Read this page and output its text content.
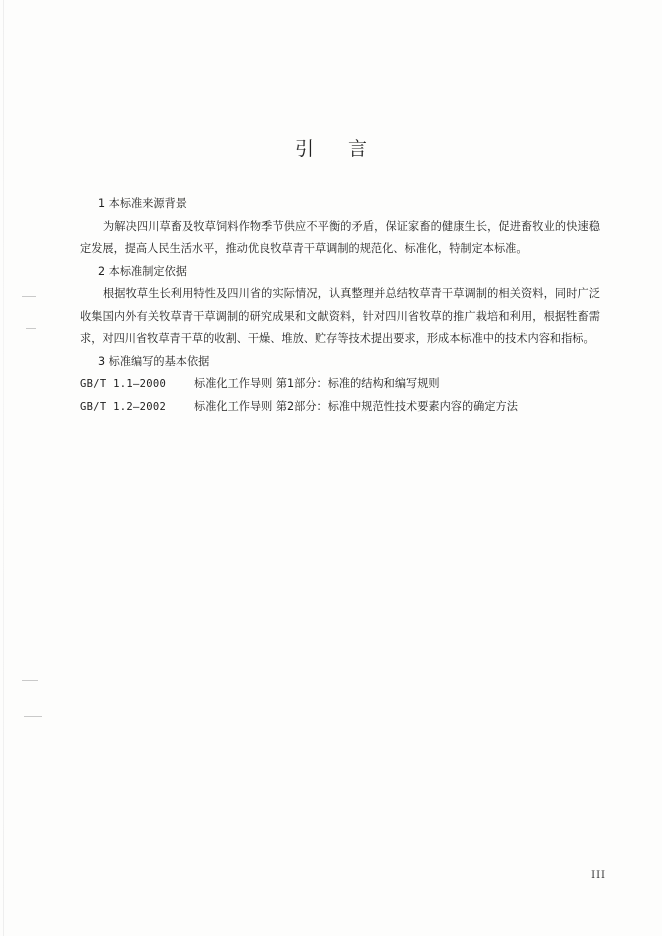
引言

1 本标准来源背景

为解决四川草畜及牧草饲料作物季节供应不平衡的矛盾，保证家畜的健康生长，促进畜牧业的快速稳定发展，提高人民生活水平，推动优良牧草青干草调制的规范化、标准化，特制定本标准。

2 本标准制定依据

根据牧草生长利用特性及四川省的实际情况，认真整理并总结牧草青干草调制的相关资料，同时广泛收集国内外有关牧草青干草调制的研究成果和文献资料，针对四川省牧草的推广栽培和利用，根据牲畜需求，对四川省牧草青干草的收割、干燥、堆放、贮存等技术提出要求，形成本标准中的技术内容和指标。

3 标准编写的基本依据

GB/T 1.1—2000	标准化工作导则 第1部分：标准的结构和编写规则

GB/T 1.2—2002	标准化工作导则 第2部分：标准中规范性技术要素内容的确定方法

III
